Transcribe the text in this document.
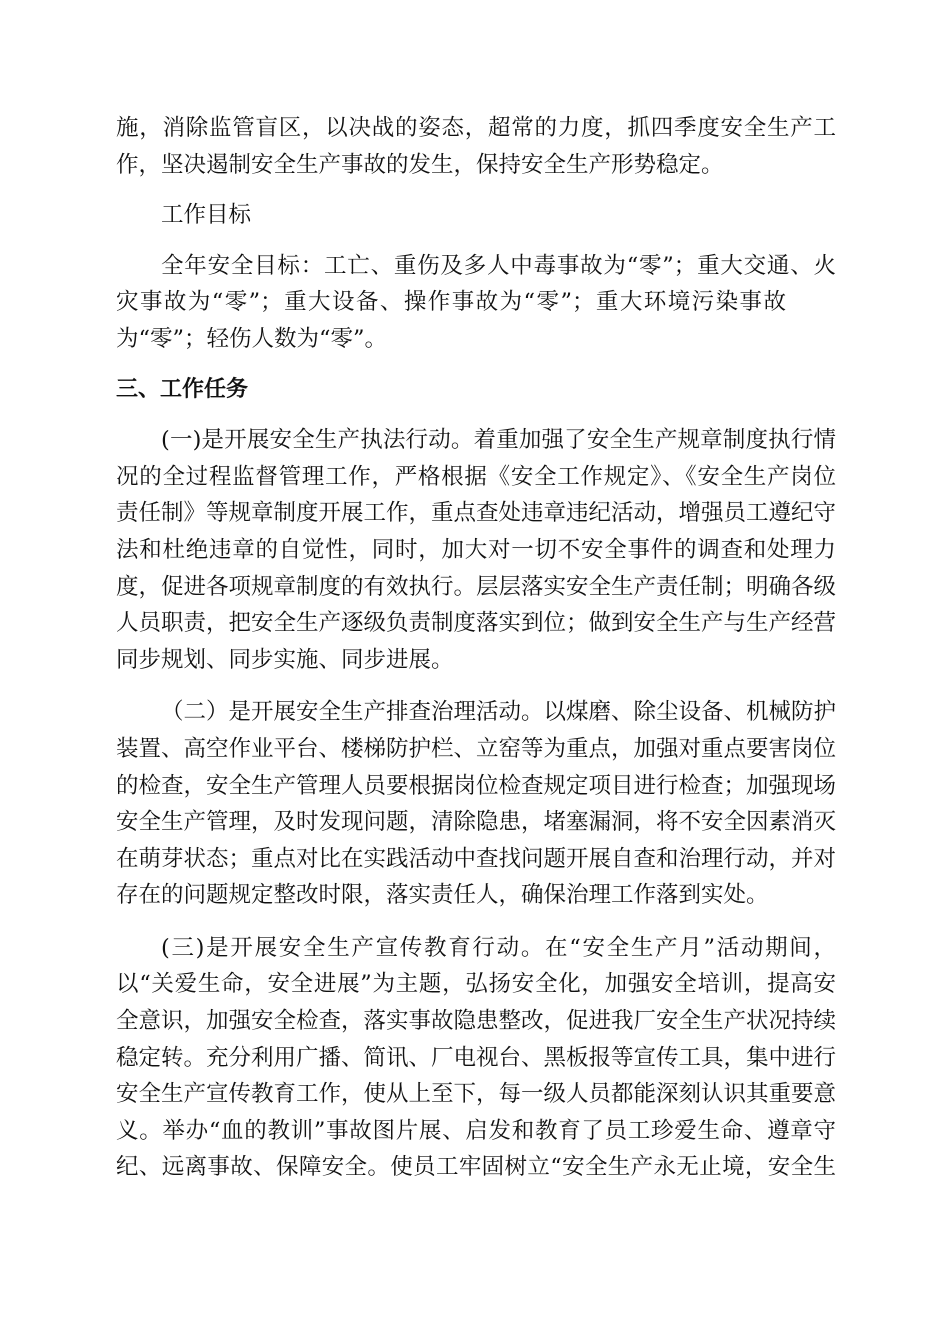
施，消除监管盲区，以决战的姿态，超常的力度，抓四季度安全生产工
作，坚决遏制安全生产事故的发生，保持安全生产形势稳定。
工作目标
全年安全目标：工亡、重伤及多人中毒事故为“零”；重大交通、火
灾事故为“零”；重大设备、操作事故为“零”；重大环境污染事故
为“零”；轻伤人数为“零”。
三、工作任务
(一)是开展安全生产执法行动。着重加强了安全生产规章制度执行情
况的全过程监督管理工作，严格根据《安全工作规定》、《安全生产岗位
责任制》等规章制度开展工作，重点查处违章违纪活动，增强员工遵纪守
法和杜绝违章的自觉性，同时，加大对一切不安全事件的调查和处理力
度，促进各项规章制度的有效执行。层层落实安全生产责任制；明确各级
人员职责，把安全生产逐级负责制度落实到位；做到安全生产与生产经营
同步规划、同步实施、同步进展。
（二）是开展安全生产排查治理活动。以煤磨、除尘设备、机械防护
装置、高空作业平台、楼梯防护栏、立窑等为重点，加强对重点要害岗位
的检查，安全生产管理人员要根据岗位检查规定项目进行检查；加强现场
安全生产管理，及时发现问题，清除隐患，堵塞漏洞，将不安全因素消灭
在萌芽状态；重点对比在实践活动中查找问题开展自查和治理行动，并对
存在的问题规定整改时限，落实责任人，确保治理工作落到实处。
(三)是开展安全生产宣传教育行动。在“安全生产月”活动期间，
以“关爱生命，安全进展”为主题，弘扬安全化，加强安全培训，提高安
全意识，加强安全检查，落实事故隐患整改，促进我厂安全生产状况持续
稳定转。充分利用广播、简讯、厂电视台、黑板报等宣传工具，集中进行
安全生产宣传教育工作，使从上至下，每一级人员都能深刻认识其重要意
义。举办“血的教训”事故图片展、启发和教育了员工珍爱生命、遵章守
纪、远离事故、保障安全。使员工牢固树立“安全生产永无止境，安全生
